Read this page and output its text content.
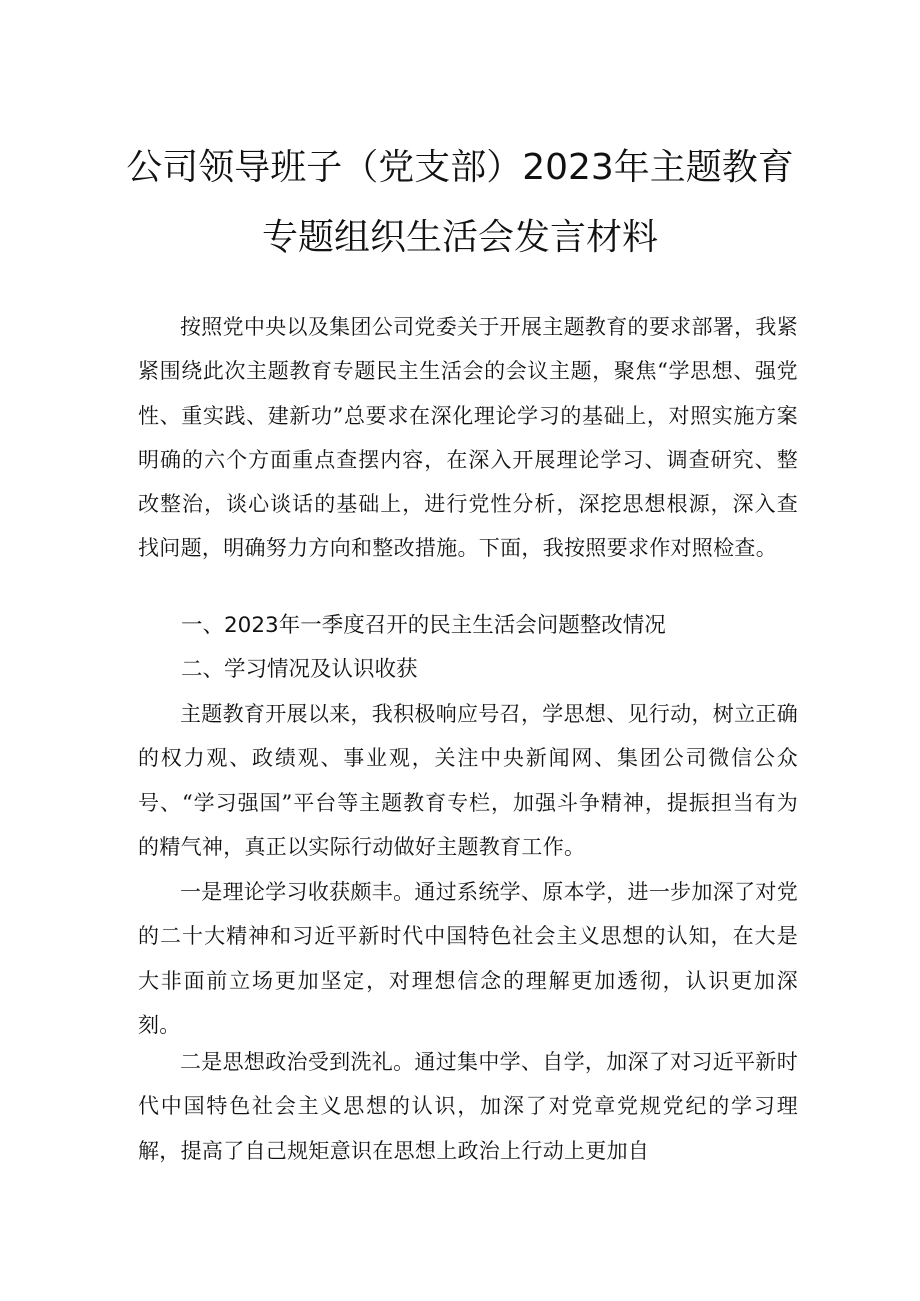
公司领导班子（党支部）2023年主题教育
专题组织生活会发言材料

按照党中央以及集团公司党委关于开展主题教育的要求部署，我紧紧围绕此次主题教育专题民主生活会的会议主题，聚焦“学思想、强党性、重实践、建新功”总要求在深化理论学习的基础上，对照实施方案明确的六个方面重点查摆内容，在深入开展理论学习、调查研究、整改整治，谈心谈话的基础上，进行党性分析，深挖思想根源，深入查找问题，明确努力方向和整改措施。下面，我按照要求作对照检查。

一、2023年一季度召开的民主生活会问题整改情况

二、学习情况及认识收获

主题教育开展以来，我积极响应号召，学思想、见行动，树立正确的权力观、政绩观、事业观，关注中央新闻网、集团公司微信公众号、“学习强国”平台等主题教育专栏，加强斗争精神，提振担当有为的精气神，真正以实际行动做好主题教育工作。

一是理论学习收获颇丰。通过系统学、原本学，进一步加深了对党的二十大精神和习近平新时代中国特色社会主义思想的认知，在大是大非面前立场更加坚定，对理想信念的理解更加透彻，认识更加深刻。

二是思想政治受到洗礼。通过集中学、自学，加深了对习近平新时代中国特色社会主义思想的认识，加深了对党章党规党纪的学习理解，提高了自己规矩意识在思想上政治上行动上更加自
